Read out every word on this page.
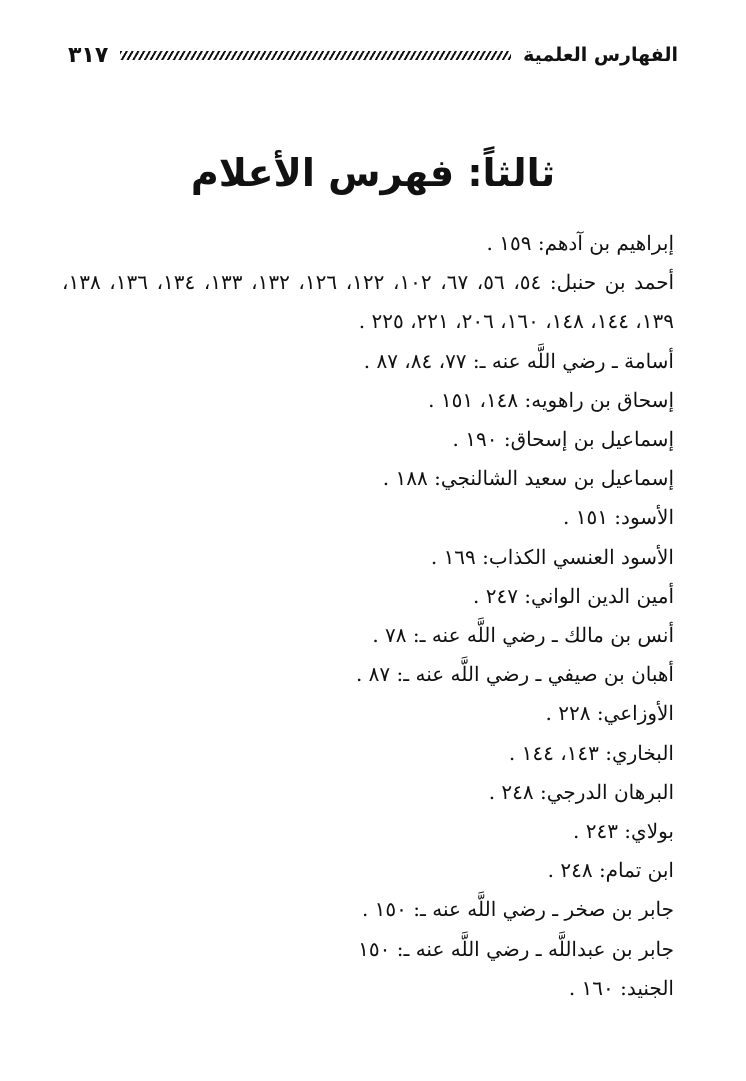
الفهارس العلمية
٣١٧
ثالثاً: فهرس الأعلام
إبراهيم بن آدهم: ١٥٩ .
أحمد بن حنبل: ٥٤، ٥٦، ٦٧، ١٠٢، ١٢٢، ١٢٦، ١٣٢، ١٣٣، ١٣٤، ١٣٦، ١٣٨، ١٣٩، ١٤٤، ١٤٨، ١٦٠، ٢٠٦، ٢٢١، ٢٢٥ .
أسامة ـ رضي اللَّه عنه ـ: ٧٧، ٨٤، ٨٧ .
إسحاق بن راهويه: ١٤٨، ١٥١ .
إسماعيل بن إسحاق: ١٩٠ .
إسماعيل بن سعيد الشالنجي: ١٨٨ .
الأسود: ١٥١ .
الأسود العنسي الكذاب: ١٦٩ .
أمين الدين الواني: ٢٤٧ .
أنس بن مالك ـ رضي اللَّه عنه ـ: ٧٨ .
أهبان بن صيفي ـ رضي اللَّه عنه ـ: ٨٧ .
الأوزاعي: ٢٢٨ .
البخاري: ١٤٣، ١٤٤ .
البرهان الدرجي: ٢٤٨ .
بولاي: ٢٤٣ .
ابن تمام: ٢٤٨ .
جابر بن صخر ـ رضي اللَّه عنه ـ: ١٥٠ .
جابر بن عبداللَّه ـ رضي اللَّه عنه ـ: ١٥٠
الجنيد: ١٦٠ .
